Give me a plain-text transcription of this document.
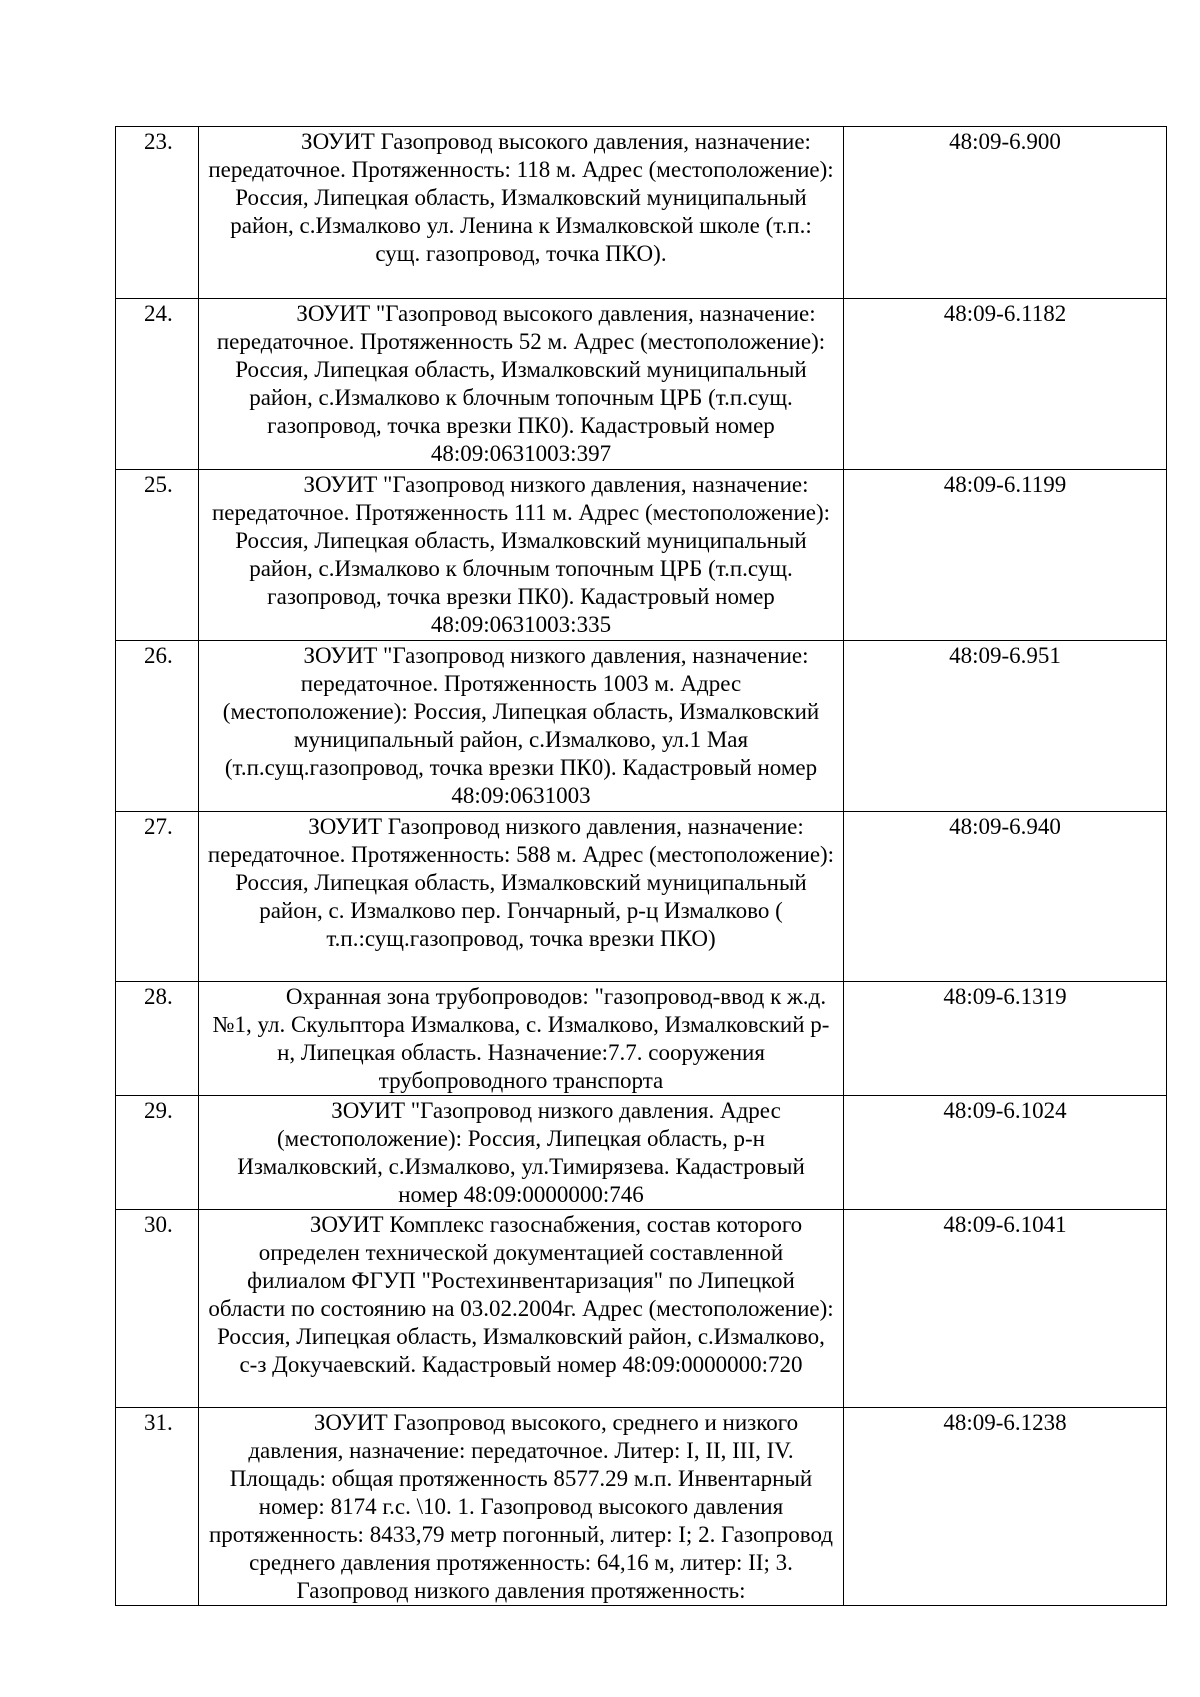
23.	ЗОУИТ Газопровод высокого давления, назначение: передаточное. Протяженность: 118 м. Адрес (местоположение): Россия, Липецкая область, Измалковский муниципальный район, с.Измалково ул. Ленина к Измалковской школе (т.п.: сущ. газопровод, точка ПКО).	48:09-6.900
24.	ЗОУИТ "Газопровод высокого давления, назначение: передаточное. Протяженность 52 м. Адрес (местоположение): Россия, Липецкая область, Измалковский муниципальный район, с.Измалково к блочным топочным ЦРБ (т.п.сущ. газопровод, точка врезки ПК0). Кадастровый номер 48:09:0631003:397	48:09-6.1182
25.	ЗОУИТ "Газопровод низкого давления, назначение: передаточное. Протяженность 111 м. Адрес (местоположение): Россия, Липецкая область, Измалковский муниципальный район, с.Измалково к блочным топочным ЦРБ (т.п.сущ. газопровод, точка врезки ПК0). Кадастровый номер 48:09:0631003:335	48:09-6.1199
26.	ЗОУИТ "Газопровод низкого давления, назначение: передаточное. Протяженность 1003 м. Адрес (местоположение): Россия, Липецкая область, Измалковский муниципальный район, с.Измалково, ул.1 Мая (т.п.сущ.газопровод, точка врезки ПК0). Кадастровый номер 48:09:0631003	48:09-6.951
27.	ЗОУИТ Газопровод низкого давления, назначение: передаточное. Протяженность: 588 м. Адрес (местоположение): Россия, Липецкая область, Измалковский муниципальный район, с. Измалково пер. Гончарный, р-ц Измалково ( т.п.:сущ.газопровод, точка врезки ПКО)	48:09-6.940
28.	Охранная зона трубопроводов: "газопровод-ввод к ж.д.№1, ул. Скульптора Измалкова, с. Измалково, Измалковский р-н, Липецкая область. Назначение:7.7. сооружения трубопроводного транспорта	48:09-6.1319
29.	ЗОУИТ "Газопровод низкого давления. Адрес (местоположение): Россия, Липецкая область, р-н Измалковский, с.Измалково, ул.Тимирязева. Кадастровый номер 48:09:0000000:746	48:09-6.1024
30.	ЗОУИТ Комплекс газоснабжения, состав которого определен технической документацией составленной филиалом ФГУП "Ростехинвентаризация" по Липецкой области по состоянию на 03.02.2004г. Адрес (местоположение): Россия, Липецкая область, Измалковский район, с.Измалково, с-з Докучаевский. Кадастровый номер 48:09:0000000:720	48:09-6.1041
31.	ЗОУИТ Газопровод высокого, среднего и низкого давления, назначение: передаточное. Литер: I, II, III, IV. Площадь: общая протяженность 8577.29 м.п. Инвентарный номер: 8174 г.с. \10. 1. Газопровод высокого давления протяженность: 8433,79 метр погонный, литер: I; 2. Газопровод среднего давления протяженность: 64,16 м, литер: II; 3. Газопровод низкого давления протяженность:	48:09-6.1238
